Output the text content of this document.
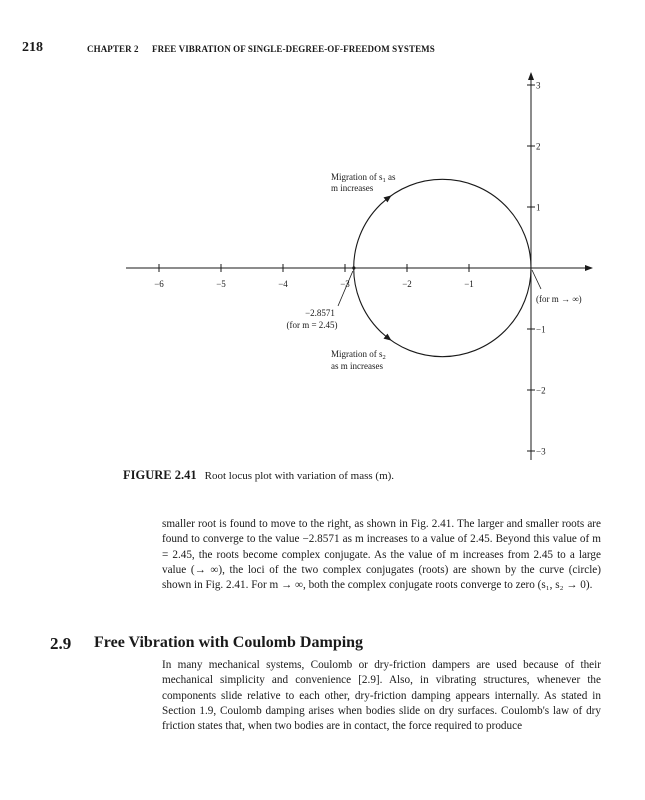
218	CHAPTER 2 FREE VIBRATION OF SINGLE-DEGREE-OF-FREEDOM SYSTEMS
−6	−5	−4	−3	−2	−1
3
2
1
−1
−2
−3
Migration of $s_1$ as
m increases
Migration of $s_2$
as m increases
−2.8571
(for m = 2.45)
(for m → ∞)
FIGURE 2.41 Root locus plot with variation of mass (m).

smaller root is found to move to the right, as shown in Fig. 2.41. The larger and smaller roots are found to converge to the value −2.8571 as m increases to a value of 2.45. Beyond this value of m = 2.45, the roots become complex conjugate. As the value of m increases from 2.45 to a large value (→ ∞), the loci of the two complex conjugates (roots) are shown by the curve (circle) shown in Fig. 2.41. For m → ∞, both the complex conjugate roots converge to zero (s₁, s₂ → 0).

2.9 Free Vibration with Coulomb Damping

In many mechanical systems, Coulomb or dry-friction dampers are used because of their mechanical simplicity and convenience [2.9]. Also, in vibrating structures, whenever the components slide relative to each other, dry-friction damping appears internally. As stated in Section 1.9, Coulomb damping arises when bodies slide on dry surfaces. Coulomb's law of dry friction states that, when two bodies are in contact, the force required to produce
